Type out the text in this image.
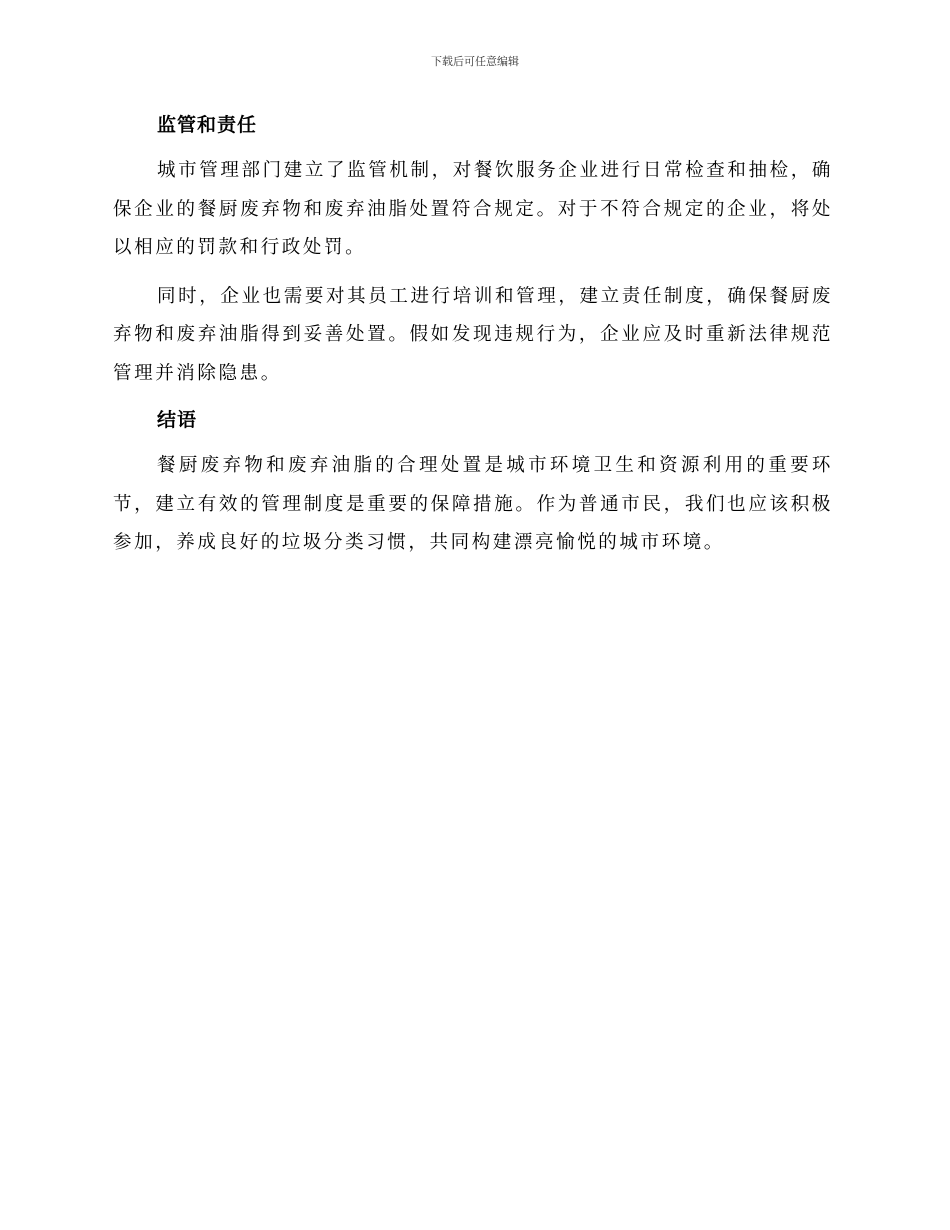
下载后可任意编辑
监管和责任

城市管理部门建立了监管机制，对餐饮服务企业进行日常检查和抽检，确保企业的餐厨废弃物和废弃油脂处置符合规定。对于不符合规定的企业，将处以相应的罚款和行政处罚。

同时，企业也需要对其员工进行培训和管理，建立责任制度，确保餐厨废弃物和废弃油脂得到妥善处置。假如发现违规行为，企业应及时重新法律规范管理并消除隐患。

结语

餐厨废弃物和废弃油脂的合理处置是城市环境卫生和资源利用的重要环节，建立有效的管理制度是重要的保障措施。作为普通市民，我们也应该积极参加，养成良好的垃圾分类习惯，共同构建漂亮愉悦的城市环境。
